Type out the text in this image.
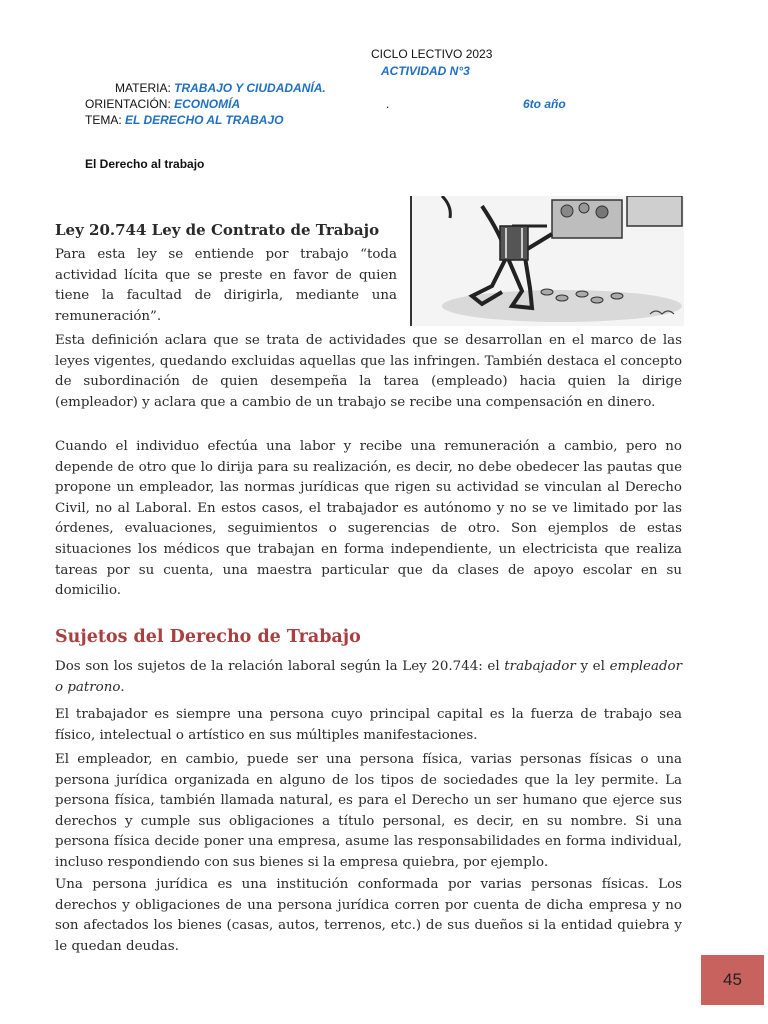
CICLO LECTIVO 2023
ACTIVIDAD N°3
MATERIA: TRABAJO Y CIUDADANÍA.
ORIENTACIÓN: ECONOMÍA	.	6to año
TEMA: EL DERECHO AL TRABAJO
El Derecho al trabajo
Ley 20.744 Ley de Contrato de Trabajo

Para esta ley se entiende por trabajo “toda actividad lícita que se preste en favor de quien tiene la facultad de dirigirla, mediante una remuneración”.

Esta definición aclara que se trata de actividades que se desarrollan en el marco de las leyes vigentes, quedando excluidas aquellas que las infringen. También destaca el concepto de subordinación de quien desempeña la tarea (empleado) hacia quien la dirige (empleador) y aclara que a cambio de un trabajo se recibe una compensación en dinero.

Cuando el individuo efectúa una labor y recibe una remuneración a cambio, pero no depende de otro que lo dirija para su realización, es decir, no debe obedecer las pautas que propone un empleador, las normas jurídicas que rigen su actividad se vinculan al Derecho Civil, no al Laboral. En estos casos, el trabajador es autónomo y no se ve limitado por las órdenes, evaluaciones, seguimientos o sugerencias de otro. Son ejemplos de estas situaciones los médicos que trabajan en forma independiente, un electricista que realiza tareas por su cuenta, una maestra particular que da clases de apoyo escolar en su domicilio.

Sujetos del Derecho de Trabajo

Dos son los sujetos de la relación laboral según la Ley 20.744: el trabajador y el empleador o patrono.

El trabajador es siempre una persona cuyo principal capital es la fuerza de trabajo sea físico, intelectual o artístico en sus múltiples manifestaciones.

El empleador, en cambio, puede ser una persona física, varias personas físicas o una persona jurídica organizada en alguno de los tipos de sociedades que la ley permite. La persona física, también llamada natural, es para el Derecho un ser humano que ejerce sus derechos y cumple sus obligaciones a título personal, es decir, en su nombre. Si una persona física decide poner una empresa, asume las responsabilidades en forma individual, incluso respondiendo con sus bienes si la empresa quiebra, por ejemplo.

Una persona jurídica es una institución conformada por varias personas físicas. Los derechos y obligaciones de una persona jurídica corren por cuenta de dicha empresa y no son afectados los bienes (casas, autos, terrenos, etc.) de sus dueños si la entidad quiebra y le quedan deudas.

45
